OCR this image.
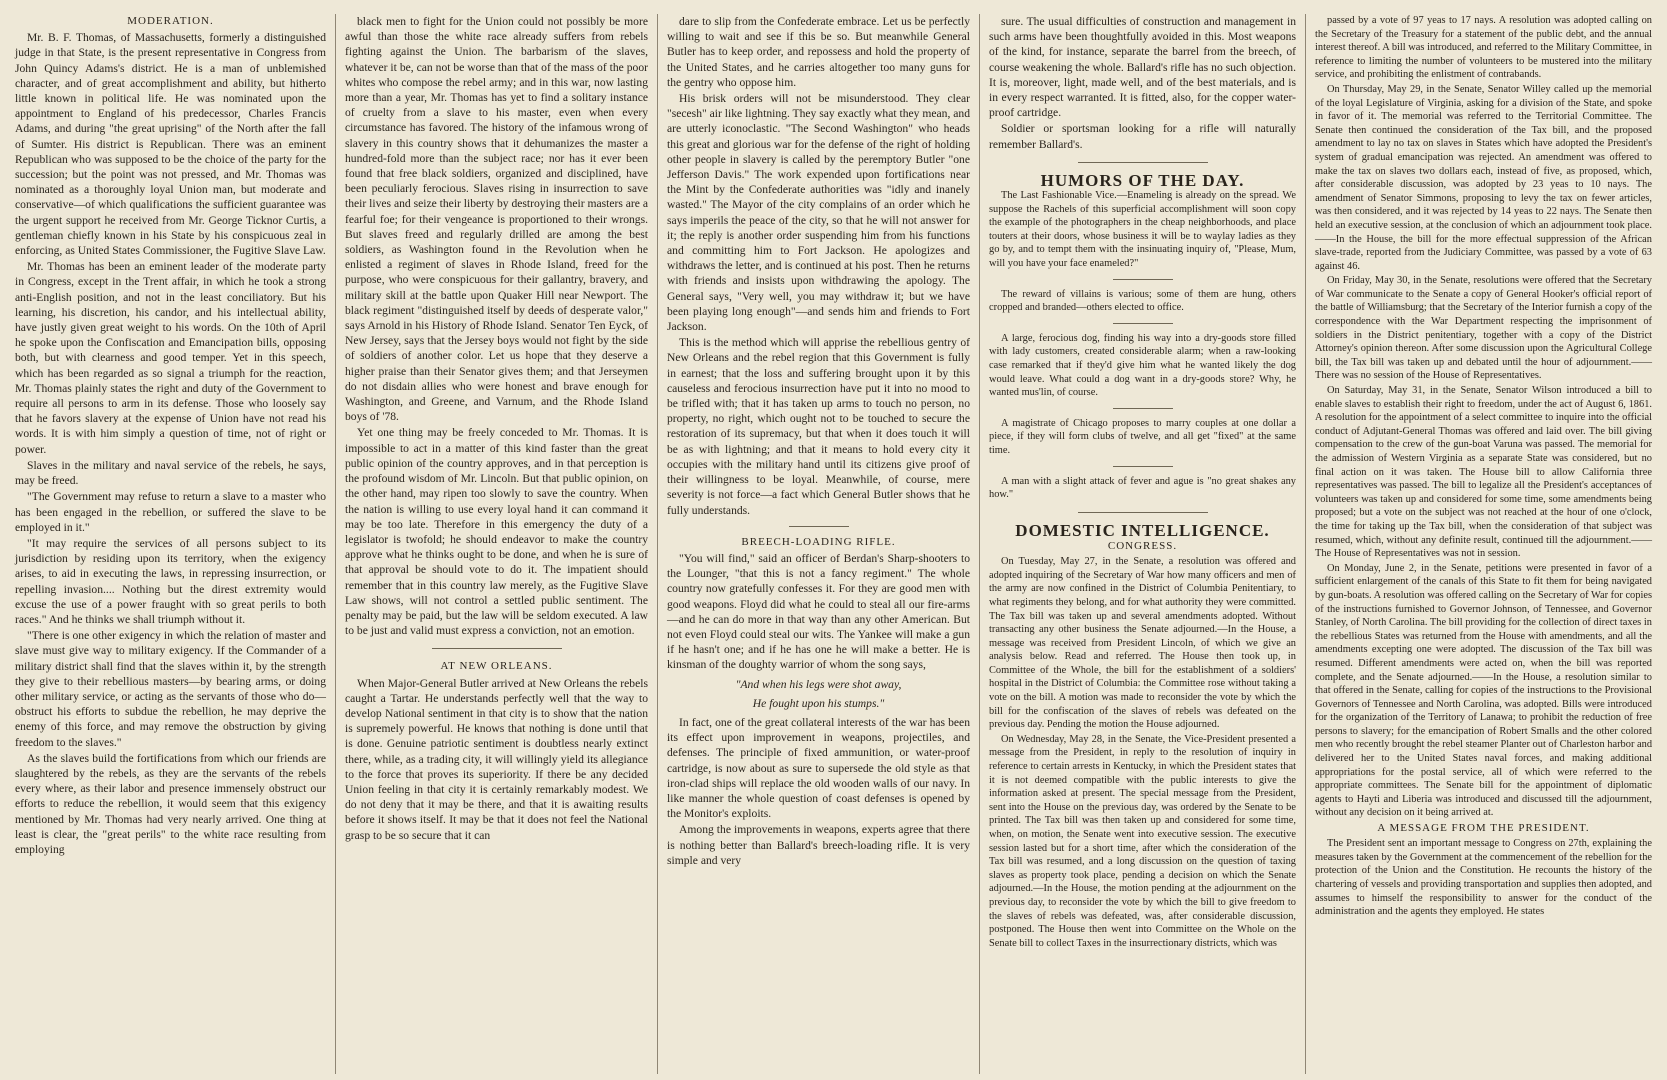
MODERATION.

Mr. B. F. Thomas, of Massachusetts, formerly a distinguished judge in that State, is the present representative in Congress from John Quincy Adams's district. He is a man of unblemished character, and of great accomplishment and ability, but hitherto little known in political life. He was nominated upon the appointment to England of his predecessor, Charles Francis Adams, and during "the great uprising" of the North after the fall of Sumter. His district is Republican. There was an eminent Republican who was supposed to be the choice of the party for the succession; but the point was not pressed, and Mr. Thomas was nominated as a thoroughly loyal Union man, but moderate and conservative—of which qualifications the sufficient guarantee was the urgent support he received from Mr. George Ticknor Curtis, a gentleman chiefly known in his State by his conspicuous zeal in enforcing, as United States Commissioner, the Fugitive Slave Law.

Mr. Thomas has been an eminent leader of the moderate party in Congress, except in the Trent affair, in which he took a strong anti-English position, and not in the least conciliatory. But his learning, his discretion, his candor, and his intellectual ability, have justly given great weight to his words. On the 10th of April he spoke upon the Confiscation and Emancipation bills, opposing both, but with clearness and good temper. Yet in this speech, which has been regarded as so signal a triumph for the reaction, Mr. Thomas plainly states the right and duty of the Government to require all persons to arm in its defense. Those who loosely say that he favors slavery at the expense of Union have not read his words. It is with him simply a question of time, not of right or power.

Slaves in the military and naval service of the rebels, he says, may be freed.

"The Government may refuse to return a slave to a master who has been engaged in the rebellion, or suffered the slave to be employed in it."

"It may require the services of all persons subject to its jurisdiction by residing upon its territory, when the exigency arises, to aid in executing the laws, in repressing insurrection, or repelling invasion.... Nothing but the direst extremity would excuse the use of a power fraught with so great perils to both races." And he thinks we shall triumph without it.

"There is one other exigency in which the relation of master and slave must give way to military exigency. If the Commander of a military district shall find that the slaves within it, by the strength they give to their rebellious masters—by bearing arms, or doing other military service, or acting as the servants of those who do—obstruct his efforts to subdue the rebellion, he may deprive the enemy of this force, and may remove the obstruction by giving freedom to the slaves."

As the slaves build the fortifications from which our friends are slaughtered by the rebels, as they are the servants of the rebels every where, as their labor and presence immensely obstruct our efforts to reduce the rebellion, it would seem that this exigency mentioned by Mr. Thomas had very nearly arrived. One thing at least is clear, the "great perils" to the white race resulting from employing

black men to fight for the Union could not possibly be more awful than those the white race already suffers from rebels fighting against the Union. The barbarism of the slaves, whatever it be, can not be worse than that of the mass of the poor whites who compose the rebel army; and in this war, now lasting more than a year, Mr. Thomas has yet to find a solitary instance of cruelty from a slave to his master, even when every circumstance has favored. The history of the infamous wrong of slavery in this country shows that it dehumanizes the master a hundred-fold more than the subject race; nor has it ever been found that free black soldiers, organized and disciplined, have been peculiarly ferocious. Slaves rising in insurrection to save their lives and seize their liberty by destroying their masters are a fearful foe; for their vengeance is proportioned to their wrongs. But slaves freed and regularly drilled are among the best soldiers, as Washington found in the Revolution when he enlisted a regiment of slaves in Rhode Island, freed for the purpose, who were conspicuous for their gallantry, bravery, and military skill at the battle upon Quaker Hill near Newport. The black regiment "distinguished itself by deeds of desperate valor," says Arnold in his History of Rhode Island. Senator Ten Eyck, of New Jersey, says that the Jersey boys would not fight by the side of soldiers of another color. Let us hope that they deserve a higher praise than their Senator gives them; and that Jerseymen do not disdain allies who were honest and brave enough for Washington, and Greene, and Varnum, and the Rhode Island boys of '78.

Yet one thing may be freely conceded to Mr. Thomas. It is impossible to act in a matter of this kind faster than the great public opinion of the country approves, and in that perception is the profound wisdom of Mr. Lincoln. But that public opinion, on the other hand, may ripen too slowly to save the country. When the nation is willing to use every loyal hand it can command it may be too late. Therefore in this emergency the duty of a legislator is twofold; he should endeavor to make the country approve what he thinks ought to be done, and when he is sure of that approval be should vote to do it. The impatient should remember that in this country law merely, as the Fugitive Slave Law shows, will not control a settled public sentiment. The penalty may be paid, but the law will be seldom executed. A law to be just and valid must express a conviction, not an emotion.

AT NEW ORLEANS.

When Major-General Butler arrived at New Orleans the rebels caught a Tartar. He understands perfectly well that the way to develop National sentiment in that city is to show that the nation is supremely powerful. He knows that nothing is done until that is done. Genuine patriotic sentiment is doubtless nearly extinct there, while, as a trading city, it will willingly yield its allegiance to the force that proves its superiority. If there be any decided Union feeling in that city it is certainly remarkably modest. We do not deny that it may be there, and that it is awaiting results before it shows itself. It may be that it does not feel the National grasp to be so secure that it can

dare to slip from the Confederate embrace. Let us be perfectly willing to wait and see if this be so. But meanwhile General Butler has to keep order, and repossess and hold the property of the United States, and he carries altogether too many guns for the gentry who oppose him.

His brisk orders will not be misunderstood. They clear "secesh" air like lightning. They say exactly what they mean, and are utterly iconoclastic. "The Second Washington" who heads this great and glorious war for the defense of the right of holding other people in slavery is called by the peremptory Butler "one Jefferson Davis." The work expended upon fortifications near the Mint by the Confederate authorities was "idly and inanely wasted." The Mayor of the city complains of an order which he says imperils the peace of the city, so that he will not answer for it; the reply is another order suspending him from his functions and committing him to Fort Jackson. He apologizes and withdraws the letter, and is continued at his post. Then he returns with friends and insists upon withdrawing the apology. The General says, "Very well, you may withdraw it; but we have been playing long enough"—and sends him and friends to Fort Jackson.

This is the method which will apprise the rebellious gentry of New Orleans and the rebel region that this Government is fully in earnest; that the loss and suffering brought upon it by this causeless and ferocious insurrection have put it into no mood to be trifled with; that it has taken up arms to touch no person, no property, no right, which ought not to be touched to secure the restoration of its supremacy, but that when it does touch it will be as with lightning; and that it means to hold every city it occupies with the military hand until its citizens give proof of their willingness to be loyal. Meanwhile, of course, mere severity is not force—a fact which General Butler shows that he fully understands.

BREECH-LOADING RIFLE.

"You will find," said an officer of Berdan's Sharp-shooters to the Lounger, "that this is not a fancy regiment." The whole country now gratefully confesses it. For they are good men with good weapons. Floyd did what he could to steal all our fire-arms—and he can do more in that way than any other American. But not even Floyd could steal our wits. The Yankee will make a gun if he hasn't one; and if he has one he will make a better. He is kinsman of the doughty warrior of whom the song says,

"And when his legs were shot away,

He fought upon his stumps."

In fact, one of the great collateral interests of the war has been its effect upon improvement in weapons, projectiles, and defenses. The principle of fixed ammunition, or water-proof cartridge, is now about as sure to supersede the old style as that iron-clad ships will replace the old wooden walls of our navy. In like manner the whole question of coast defenses is opened by the Monitor's exploits.

Among the improvements in weapons, experts agree that there is nothing better than Ballard's breech-loading rifle. It is very simple and very

sure. The usual difficulties of construction and management in such arms have been thoughtfully avoided in this. Most weapons of the kind, for instance, separate the barrel from the breech, of course weakening the whole. Ballard's rifle has no such objection. It is, moreover, light, made well, and of the best materials, and is in every respect warranted. It is fitted, also, for the copper water-proof cartridge.

Soldier or sportsman looking for a rifle will naturally remember Ballard's.

HUMORS OF THE DAY.

The Last Fashionable Vice.—Enameling is already on the spread. We suppose the Rachels of this superficial accomplishment will soon copy the example of the photographers in the cheap neighborhoods, and place touters at their doors, whose business it will be to waylay ladies as they go by, and to tempt them with the insinuating inquiry of, "Please, Mum, will you have your face enameled?"

The reward of villains is various; some of them are hung, others cropped and branded—others elected to office.

A large, ferocious dog, finding his way into a dry-goods store filled with lady customers, created considerable alarm; when a raw-looking case remarked that if they'd give him what he wanted likely the dog would leave. What could a dog want in a dry-goods store? Why, he wanted mus'lin, of course.

A magistrate of Chicago proposes to marry couples at one dollar a piece, if they will form clubs of twelve, and all get "fixed" at the same time.

A man with a slight attack of fever and ague is "no great shakes any how."

DOMESTIC INTELLIGENCE.

CONGRESS.

On Tuesday, May 27, in the Senate, a resolution was offered and adopted inquiring of the Secretary of War how many officers and men of the army are now confined in the District of Columbia Penitentiary, to what regiments they belong, and for what authority they were committed. The Tax bill was taken up and several amendments adopted. Without transacting any other business the Senate adjourned.—In the House, a message was received from President Lincoln, of which we give an analysis below. Read and referred. The House then took up, in Committee of the Whole, the bill for the establishment of a soldiers' hospital in the District of Columbia: the Committee rose without taking a vote on the bill. A motion was made to reconsider the vote by which the bill for the confiscation of the slaves of rebels was defeated on the previous day. Pending the motion the House adjourned.

On Wednesday, May 28, in the Senate, the Vice-President presented a message from the President, in reply to the resolution of inquiry in reference to certain arrests in Kentucky, in which the President states that it is not deemed compatible with the public interests to give the information asked at present. The special message from the President, sent into the House on the previous day, was ordered by the Senate to be printed. The Tax bill was then taken up and considered for some time, when, on motion, the Senate went into executive session. The executive session lasted but for a short time, after which the consideration of the Tax bill was resumed, and a long discussion on the question of taxing slaves as property took place, pending a decision on which the Senate adjourned.—In the House, the motion pending at the adjournment on the previous day, to reconsider the vote by which the bill to give freedom to the slaves of rebels was defeated, was, after considerable discussion, postponed. The House then went into Committee on the Whole on the Senate bill to collect Taxes in the insurrectionary districts, which was

passed by a vote of 97 yeas to 17 nays. A resolution was adopted calling on the Secretary of the Treasury for a statement of the public debt, and the annual interest thereof. A bill was introduced, and referred to the Military Committee, in reference to limiting the number of volunteers to be mustered into the military service, and prohibiting the enlistment of contrabands.

On Thursday, May 29, in the Senate, Senator Willey called up the memorial of the loyal Legislature of Virginia, asking for a division of the State, and spoke in favor of it. The memorial was referred to the Territorial Committee. The Senate then continued the consideration of the Tax bill, and the proposed amendment to lay no tax on slaves in States which have adopted the President's system of gradual emancipation was rejected. An amendment was offered to make the tax on slaves two dollars each, instead of five, as proposed, which, after considerable discussion, was adopted by 23 yeas to 10 nays. The amendment of Senator Simmons, proposing to levy the tax on fewer articles, was then considered, and it was rejected by 14 yeas to 22 nays. The Senate then held an executive session, at the conclusion of which an adjournment took place.——In the House, the bill for the more effectual suppression of the African slave-trade, reported from the Judiciary Committee, was passed by a vote of 63 against 46.

On Friday, May 30, in the Senate, resolutions were offered that the Secretary of War communicate to the Senate a copy of General Hooker's official report of the battle of Williamsburg; that the Secretary of the Interior furnish a copy of the correspondence with the War Department respecting the imprisonment of soldiers in the District penitentiary, together with a copy of the District Attorney's opinion thereon. After some discussion upon the Agricultural College bill, the Tax bill was taken up and debated until the hour of adjournment.——There was no session of the House of Representatives.

On Saturday, May 31, in the Senate, Senator Wilson introduced a bill to enable slaves to establish their right to freedom, under the act of August 6, 1861. A resolution for the appointment of a select committee to inquire into the official conduct of Adjutant-General Thomas was offered and laid over. The bill giving compensation to the crew of the gun-boat Varuna was passed. The memorial for the admission of Western Virginia as a separate State was considered, but no final action on it was taken. The House bill to allow California three representatives was passed. The bill to legalize all the President's acceptances of volunteers was taken up and considered for some time, some amendments being proposed; but a vote on the subject was not reached at the hour of one o'clock, the time for taking up the Tax bill, when the consideration of that subject was resumed, which, without any definite result, continued till the adjournment.——The House of Representatives was not in session.

On Monday, June 2, in the Senate, petitions were presented in favor of a sufficient enlargement of the canals of this State to fit them for being navigated by gun-boats. A resolution was offered calling on the Secretary of War for copies of the instructions furnished to Governor Johnson, of Tennessee, and Governor Stanley, of North Carolina. The bill providing for the collection of direct taxes in the rebellious States was returned from the House with amendments, and all the amendments excepting one were adopted. The discussion of the Tax bill was resumed. Different amendments were acted on, when the bill was reported complete, and the Senate adjourned.——In the House, a resolution similar to that offered in the Senate, calling for copies of the instructions to the Provisional Governors of Tennessee and North Carolina, was adopted. Bills were introduced for the organization of the Territory of Lanawa; to prohibit the reduction of free persons to slavery; for the emancipation of Robert Smalls and the other colored men who recently brought the rebel steamer Planter out of Charleston harbor and delivered her to the United States naval forces, and making additional appropriations for the postal service, all of which were referred to the appropriate committees. The Senate bill for the appointment of diplomatic agents to Hayti and Liberia was introduced and discussed till the adjournment, without any decision on it being arrived at.

A MESSAGE FROM THE PRESIDENT.

The President sent an important message to Congress on 27th, explaining the measures taken by the Government at the commencement of the rebellion for the protection of the Union and the Constitution. He recounts the history of the chartering of vessels and providing transportation and supplies then adopted, and assumes to himself the responsibility to answer for the conduct of the administration and the agents they employed. He states
